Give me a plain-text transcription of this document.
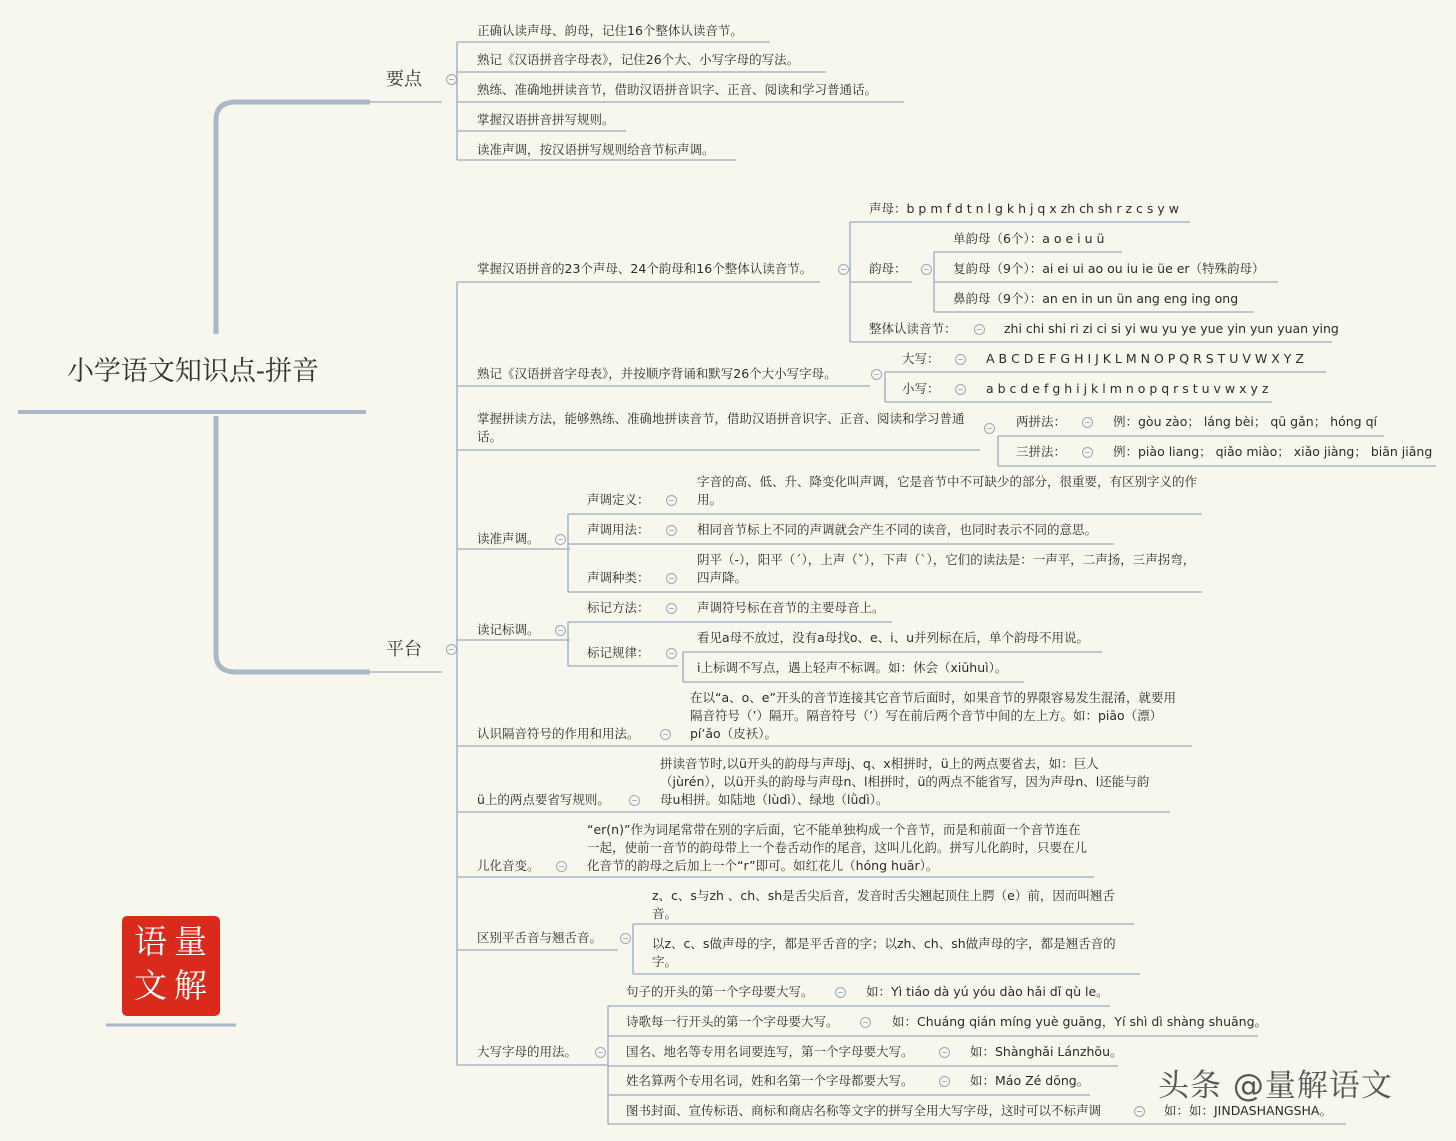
小学语文知识点-拼音
要点	−
正确认读声母、韵母，记住16个整体认读音节。
熟记《汉语拼音字母表》，记住26个大、小写字母的写法。
熟练、准确地拼读音节，借助汉语拼音识字、正音、阅读和学习普通话。
掌握汉语拼音拼写规则。
读准声调，按汉语拼写规则给音节标声调。
平台	−
掌握汉语拼音的23个声母、24个韵母和16个整体认读音节。	−
声母：b p m f d t n l g k h j q x zh ch sh r z c s y w
韵母： −
单韵母（6个）：a o e i u ü
复韵母（9个）：ai ei ui ao ou iu ie üe er（特殊韵母）
鼻韵母（9个）：an en in un ün ang eng ing ong
整体认读音节： − zhi chi shi ri zi ci si yi wu yu ye yue yin yun yuan ying
熟记《汉语拼音字母表》，并按顺序背诵和默写26个大小写字母。	−
大写： − A B C D E F G H I J K L M N O P Q R S T U V W X Y Z
小写： − a b c d e f g h i j k l m n o p q r s t u v w x y z
掌握拼读方法，能够熟练、准确地拼读音节，借助汉语拼音识字、正音、阅读和学习普通话。
− 两拼法： − 例：gòu zào； láng bèi； qū gǎn； hóng qí
三拼法： − 例：piào liang； qiǎo miào； xiǎo jiàng； biān jiāng
读准声调。 −
声调定义： −
字音的高、低、升、降变化叫声调，它是音节中不可缺少的部分，很重要，有区别字义的作用。
声调用法： − 相同音节标上不同的声调就会产生不同的读音，也同时表示不同的意思。
声调种类： −
阴平（-），阳平（´），上声（ˇ），下声（`），它们的读法是：一声平，二声扬，三声拐弯，四声降。
读记标调。 −
标记方法： − 声调符号标在音节的主要母音上。
标记规律： −
看见a母不放过，没有a母找o、e、i、u并列标在后，单个韵母不用说。
i上标调不写点，遇上轻声不标调。如：休会（xiūhuì）。
认识隔音符号的作用和用法。	−
在以“a、o、e”开头的音节连接其它音节后面时，如果音节的界限容易发生混淆，就要用隔音符号（’）隔开。隔音符号（’）写在前后两个音节中间的左上方。如：piāo（漂）pí’ǎo（皮袄）。
ü上的两点要省写规则。	−
拼读音节时,以ü开头的韵母与声母j、q、x相拼时，ü上的两点要省去，如：巨人（jùrén），以ü开头的韵母与声母n、l相拼时，ü的两点不能省写，因为声母n、l还能与韵母u相拼。如陆地（lùdì）、绿地（lǜdì）。
儿化音变。 −
“er(n)”作为词尾常带在别的字后面，它不能单独构成一个音节，而是和前面一个音节连在一起，使前一音节的韵母带上一个卷舌动作的尾音，这叫儿化韵。拼写儿化韵时，只要在儿化音节的韵母之后加上一个“r”即可。如红花儿（hóng huār）。
区别平舌音与翘舌音。	−
z、c、s与zh 、ch、sh是舌尖后音，发音时舌尖翘起顶住上腭（e）前，因而叫翘舌音。
以z、c、s做声母的字，都是平舌音的字；以zh、ch、sh做声母的字，都是翘舌音的字。
大写字母的用法。	−
句子的开头的第一个字母要大写。	− 如：Yì tiáo dà yú yóu dào hǎi dǐ qù le。
诗歌每一行开头的第一个字母要大写。	− 如：Chuáng qián míng yuè guāng，Yí shì dì shàng shuāng。
国名、地名等专用名词要连写，第一个字母要大写。	− 如：Shànghǎi Lánzhōu。
姓名算两个专用名词，姓和名第一个字母都要大写。	− 如：Máo Zé dōng。
图书封面、宣传标语、商标和商店名称等文字的拼写全用大写字母，这时可以不标声调	− 如：如：JINDASHANGSHA。
量
解
语
文
头条 @量解语文
